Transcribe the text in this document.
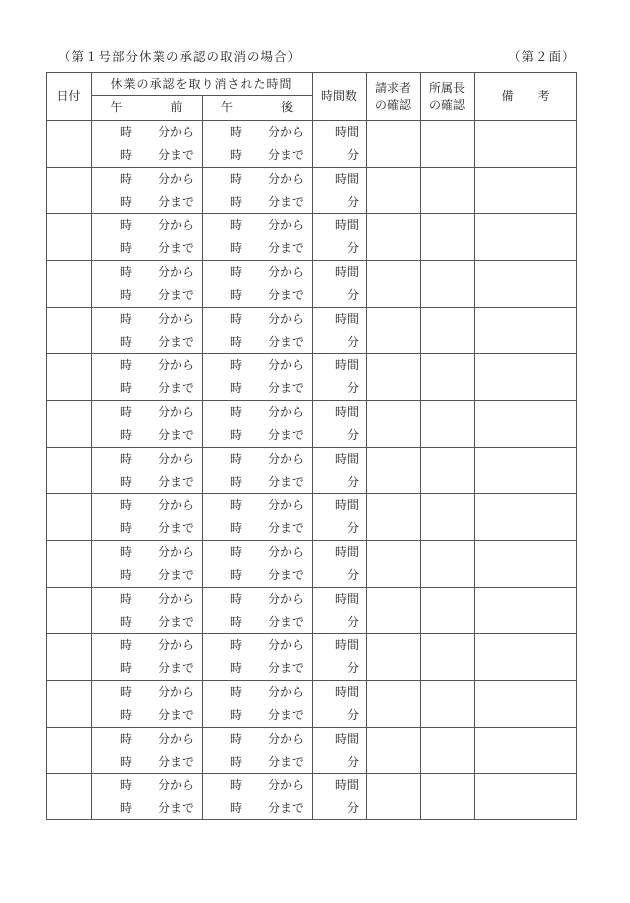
（第１号部分休業の承認の取消の場合）	（第２面）
日付
休業の承認を取り消された時間
午　　　　前	午　　　　後
時間数
請求者
の確認
所属長
の確認
備　　考
時 分から
時 分まで
時 分から
時 分まで
時間
分
時 分から
時 分まで
時 分から
時 分まで
時間
分
時 分から
時 分まで
時 分から
時 分まで
時間
分
時 分から
時 分まで
時 分から
時 分まで
時間
分
時 分から
時 分まで
時 分から
時 分まで
時間
分
時 分から
時 分まで
時 分から
時 分まで
時間
分
時 分から
時 分まで
時 分から
時 分まで
時間
分
時 分から
時 分まで
時 分から
時 分まで
時間
分
時 分から
時 分まで
時 分から
時 分まで
時間
分
時 分から
時 分まで
時 分から
時 分まで
時間
分
時 分から
時 分まで
時 分から
時 分まで
時間
分
時 分から
時 分まで
時 分から
時 分まで
時間
分
時 分から
時 分まで
時 分から
時 分まで
時間
分
時 分から
時 分まで
時 分から
時 分まで
時間
分
時 分から
時 分まで
時 分から
時 分まで
時間
分
